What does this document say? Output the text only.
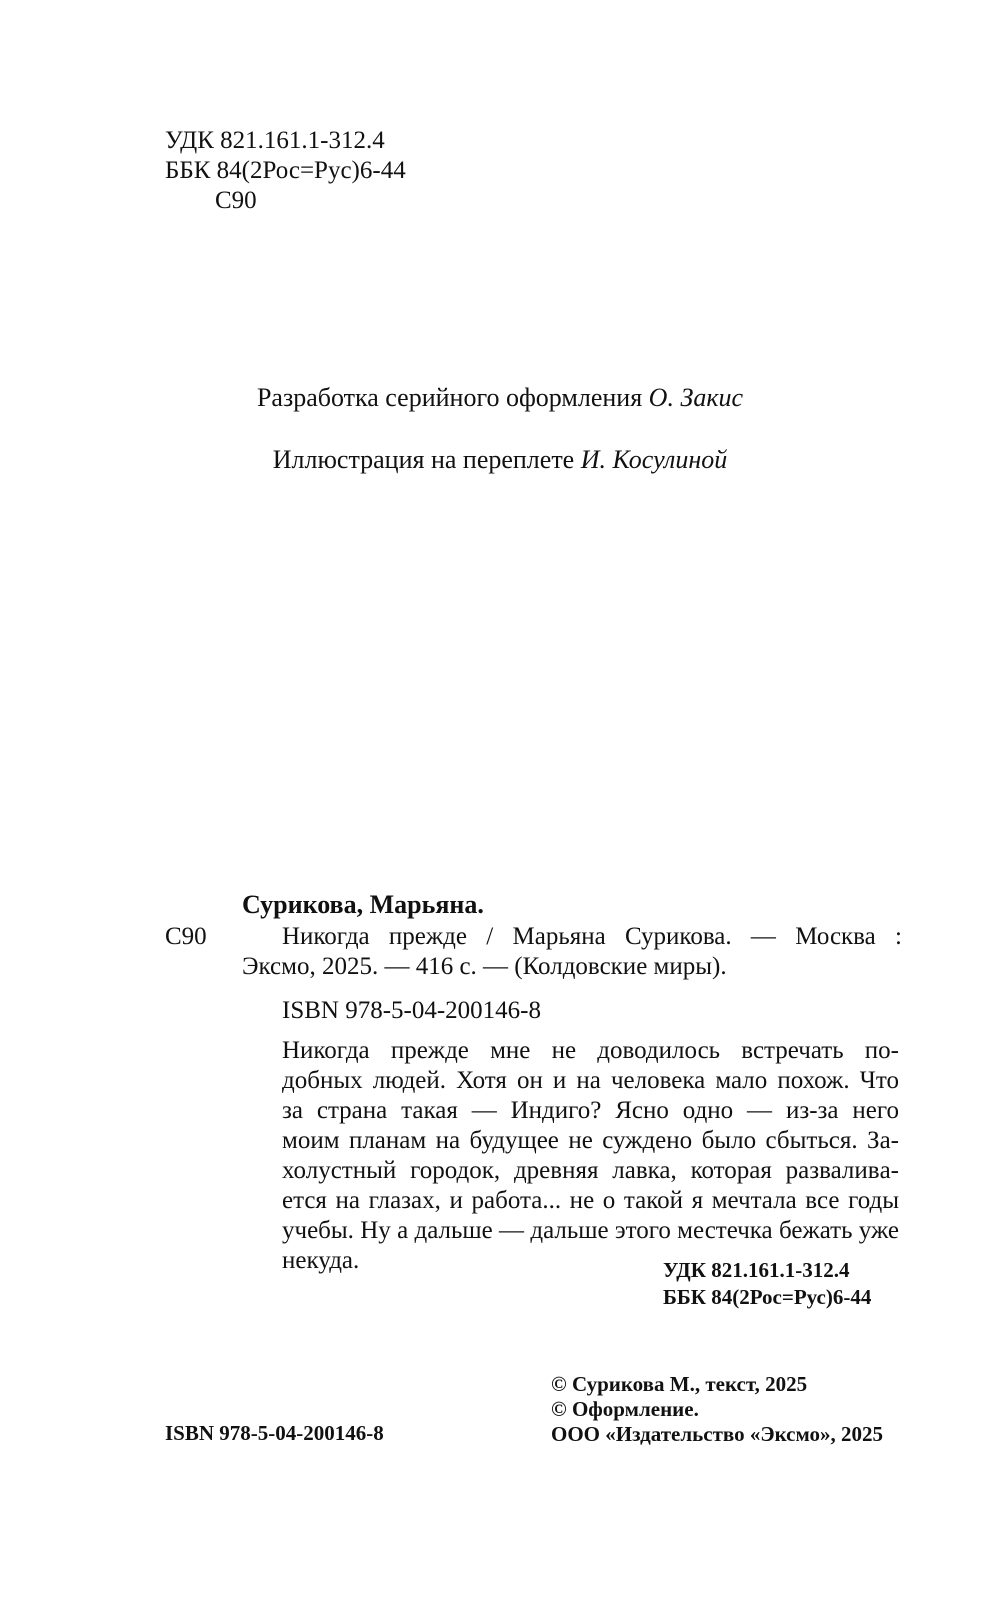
УДК 821.161.1-312.4
ББК 84(2Рос=Рус)6-44
С90
Разработка серийного оформления О. Закис
Иллюстрация на переплете И. Косулиной
Сурикова, Марьяна.
С90	Никогда прежде / Марьяна Сурикова. — Москва :
Эксмо, 2025. — 416 с. — (Колдовские миры).
ISBN 978-5-04-200146-8
Никогда прежде мне не доводилось встречать по-
добных людей. Хотя он и на человека мало похож. Что
за страна такая — Индиго? Ясно одно — из-за него
моим планам на будущее не суждено было сбыться. За-
холустный городок, древняя лавка, которая разваливa-
ется на глазах, и работа... не о такой я мечтала все годы
учебы. Ну а дальше — дальше этого местечка бежать уже
некуда.	УДК 821.161.1-312.4
ББК 84(2Рос=Рус)6-44
ISBN 978-5-04-200146-8
© Сурикова М., текст, 2025
© Оформление.
ООО «Издательство «Эксмо», 2025
